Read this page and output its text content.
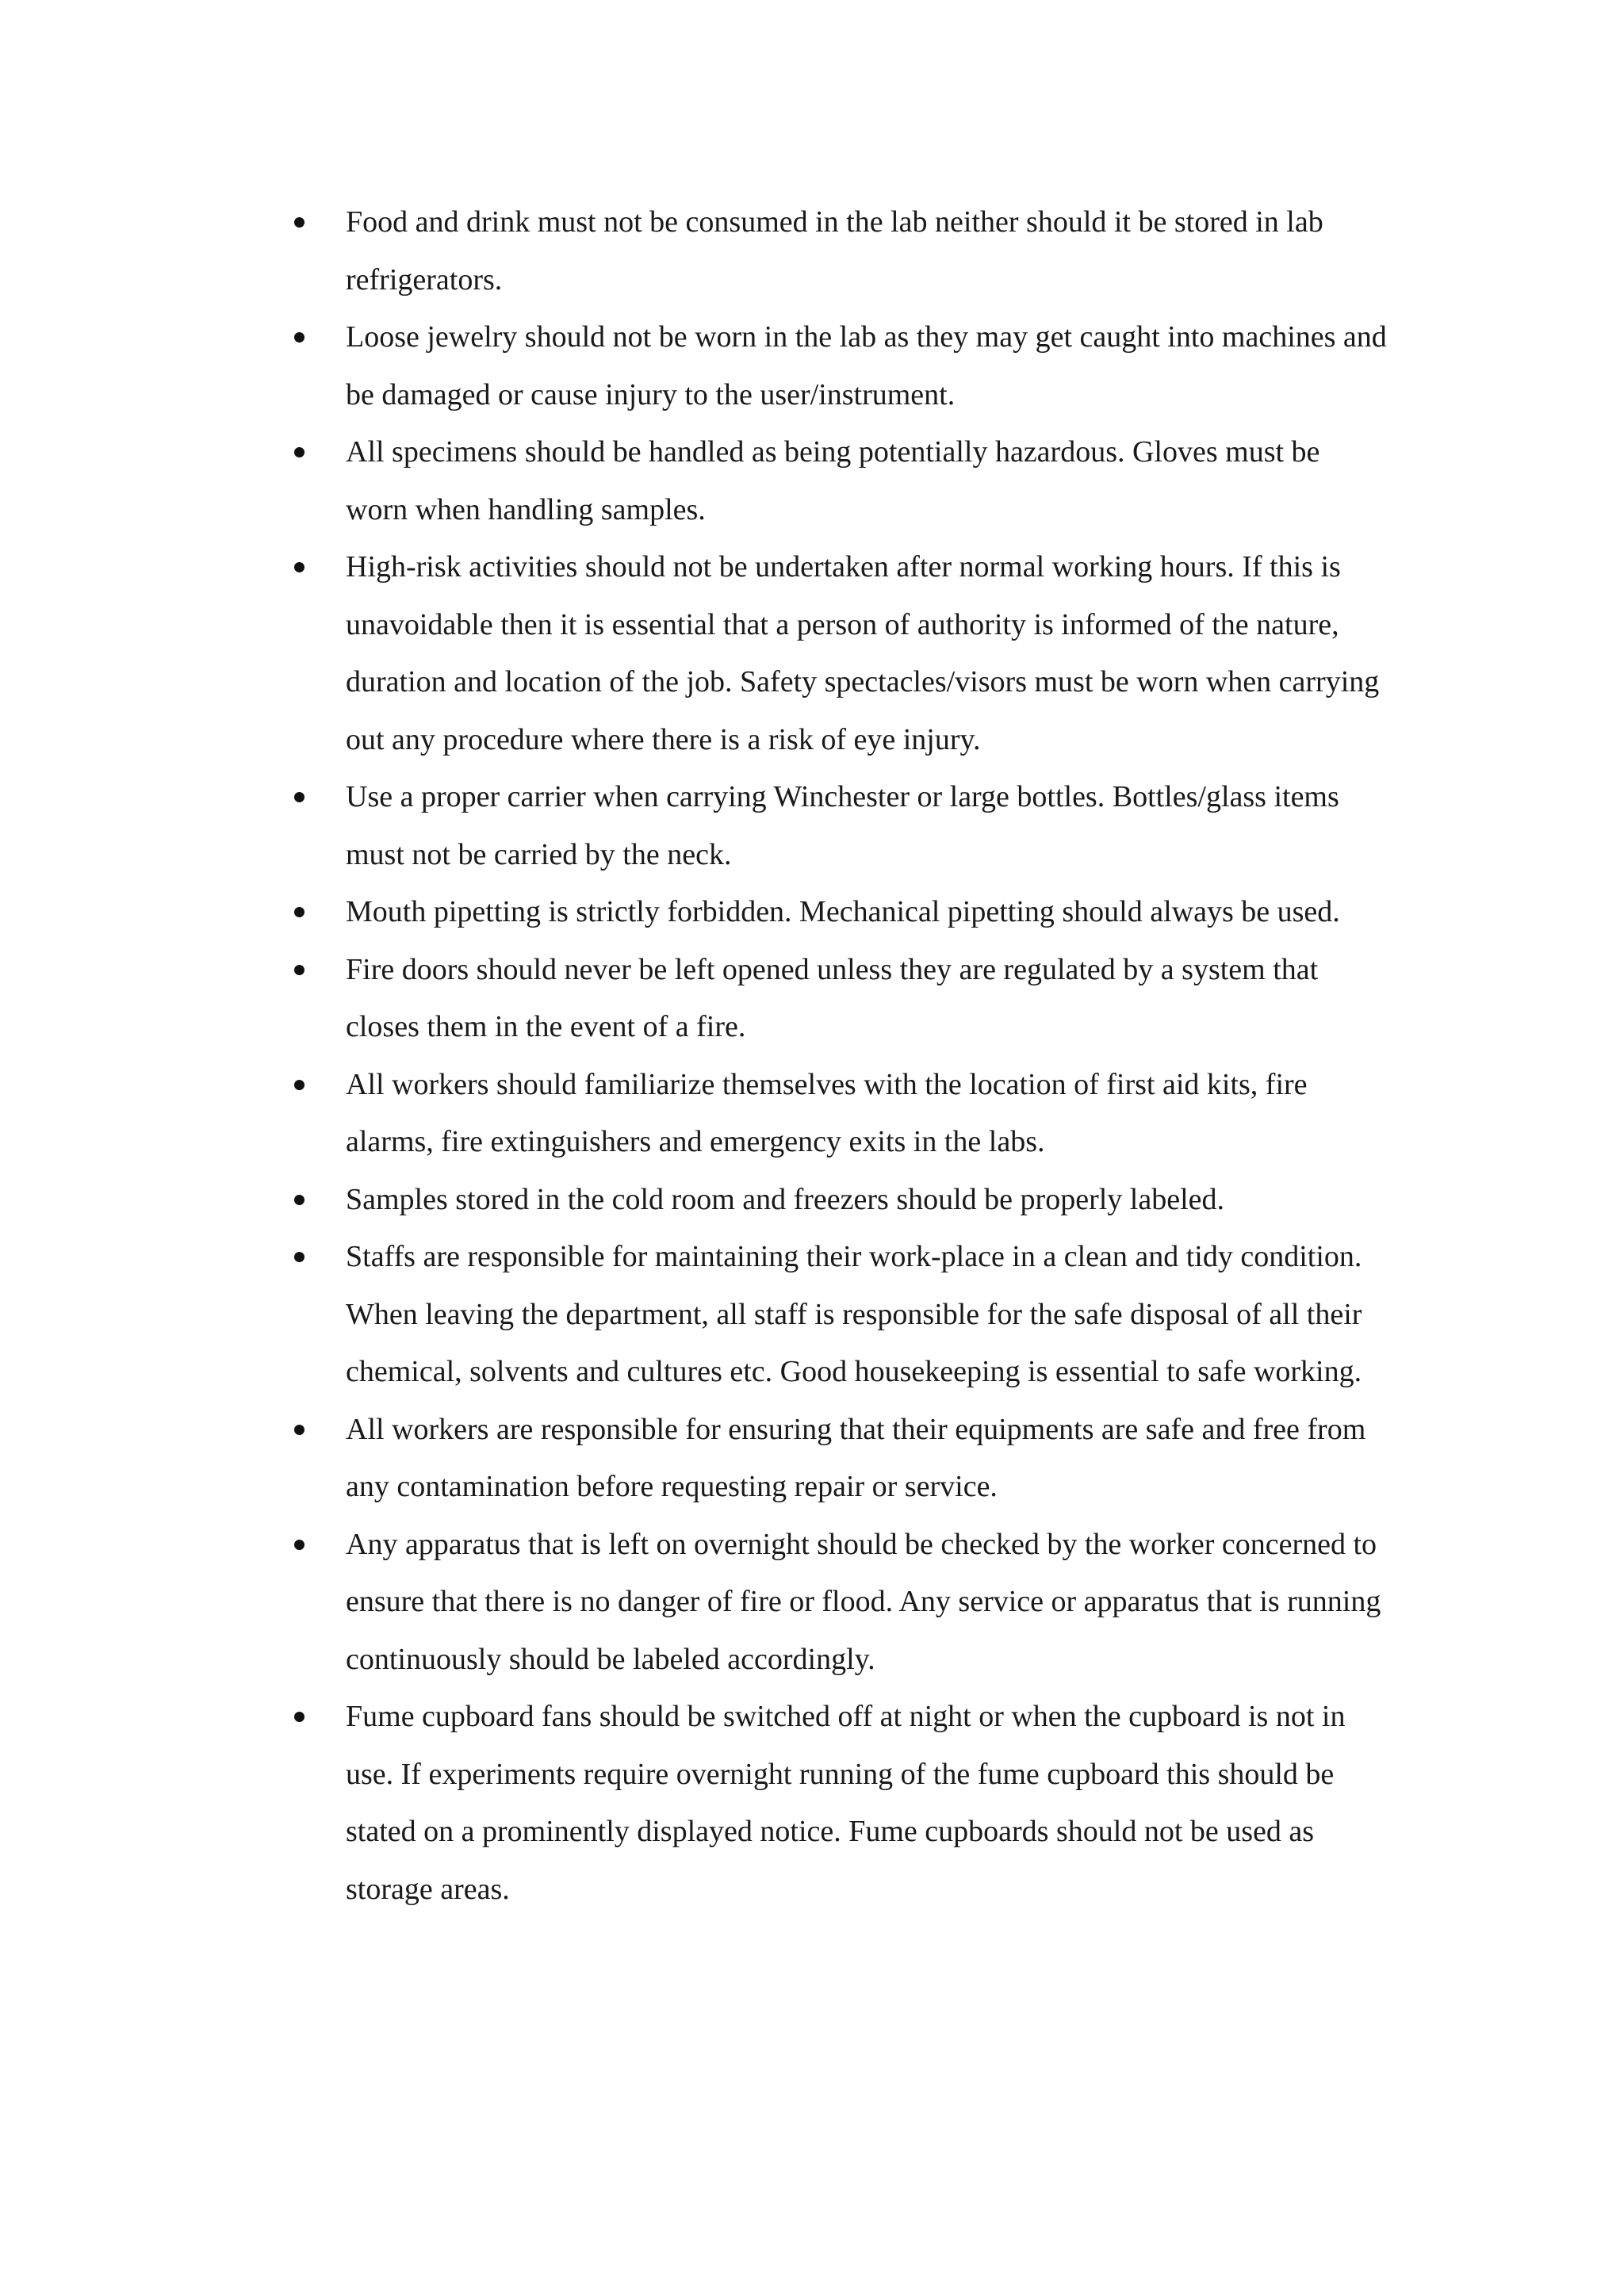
Food and drink must not be consumed in the lab neither should it be stored in lab refrigerators.
Loose jewelry should not be worn in the lab as they may get caught into machines and be damaged or cause injury to the user/instrument.
All specimens should be handled as being potentially hazardous. Gloves must be worn when handling samples.
High-risk activities should not be undertaken after normal working hours. If this is unavoidable then it is essential that a person of authority is informed of the nature, duration and location of the job. Safety spectacles/visors must be worn when carrying out any procedure where there is a risk of eye injury.
Use a proper carrier when carrying Winchester or large bottles. Bottles/glass items must not be carried by the neck.
Mouth pipetting is strictly forbidden. Mechanical pipetting should always be used.
Fire doors should never be left opened unless they are regulated by a system that closes them in the event of a fire.
All workers should familiarize themselves with the location of first aid kits, fire alarms, fire extinguishers and emergency exits in the labs.
Samples stored in the cold room and freezers should be properly labeled.
Staffs are responsible for maintaining their work-place in a clean and tidy condition. When leaving the department, all staff is responsible for the safe disposal of all their chemical, solvents and cultures etc. Good housekeeping is essential to safe working.
All workers are responsible for ensuring that their equipments are safe and free from any contamination before requesting repair or service.
Any apparatus that is left on overnight should be checked by the worker concerned to ensure that there is no danger of fire or flood. Any service or apparatus that is running continuously should be labeled accordingly.
Fume cupboard fans should be switched off at night or when the cupboard is not in use. If experiments require overnight running of the fume cupboard this should be stated on a prominently displayed notice. Fume cupboards should not be used as storage areas.
